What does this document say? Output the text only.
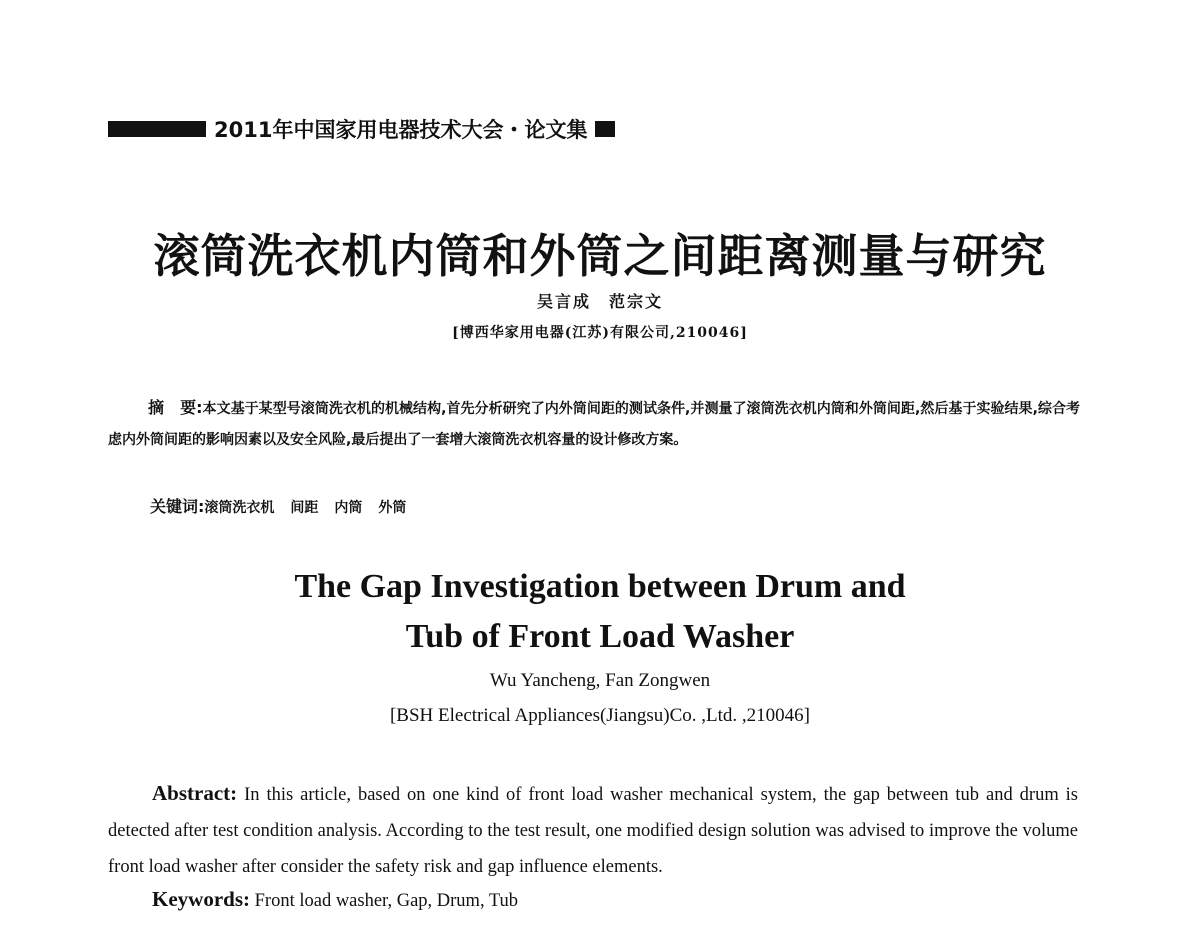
2011年中国家用电器技术大会・论文集
滚筒洗衣机内筒和外筒之间距离测量与研究
吴言成　范宗文
[博西华家用电器(江苏)有限公司,210046]
摘　要:本文基于某型号滚筒洗衣机的机械结构,首先分析研究了内外筒间距的测试条件,并测量了滚筒洗衣机内筒和外筒间距,然后基于实验结果,综合考虑内外筒间距的影响因素以及安全风险,最后提出了一套增大滚筒洗衣机容量的设计修改方案。
关键词:滚筒洗衣机 间距 内筒 外筒
The Gap Investigation between Drum and
Tub of Front Load Washer
Wu Yancheng, Fan Zongwen
[BSH Electrical Appliances(Jiangsu)Co. ,Ltd. ,210046]
Abstract: In this article, based on one kind of front load washer mechanical system, the gap between tub and drum is detected after test condition analysis. According to the test result, one modified design solution was advised to improve the volume front load washer after consider the safety risk and gap influence elements.
Keywords: Front load washer, Gap, Drum, Tub
